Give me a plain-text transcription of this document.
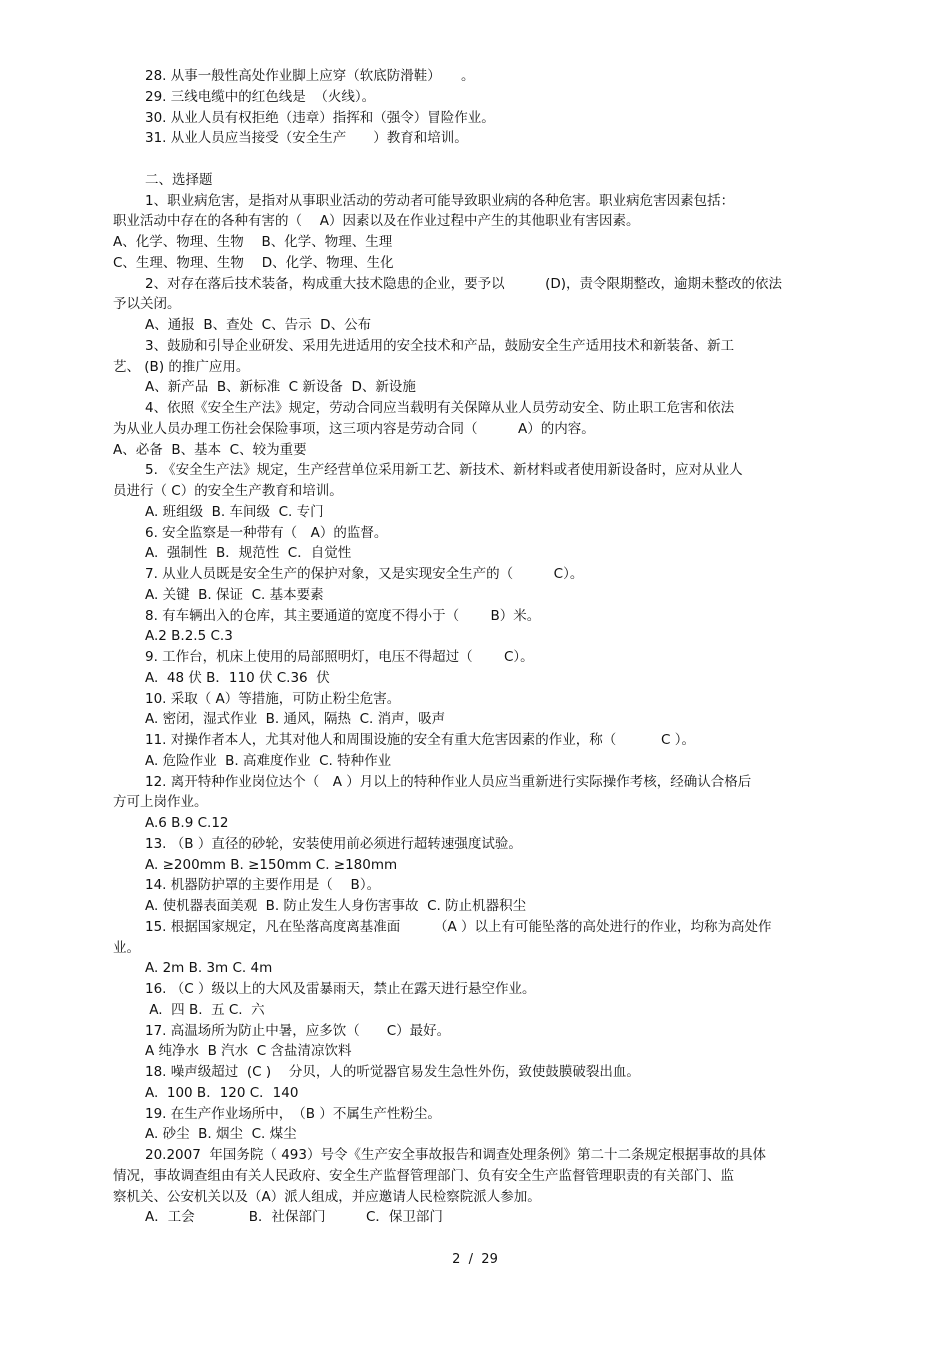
28. 从事一般性高处作业脚上应穿（软底防滑鞋）　　。
29. 三线电缆中的红色线是  （火线）。
30. 从业人员有权拒绝（违章）指挥和（强令）冒险作业。
31. 从业人员应当接受（安全生产　　）教育和培训。
二、选择题
1、职业病危害，是指对从事职业活动的劳动者可能导致职业病的各种危害。职业病危害因素包括：
职业活动中存在的各种有害的（　 A）因素以及在作业过程中产生的其他职业有害因素。
A、化学、物理、生物　 B、化学、物理、生理
C、生理、物理、生物　 D、化学、物理、生化
2、对存在落后技术装备，构成重大技术隐患的企业，要予以　　　(D)，责令限期整改，逾期未整改的依法
予以关闭。
A、通报  B、查处  C、告示  D、公布
3、鼓励和引导企业研发、采用先进适用的安全技术和产品，鼓励安全生产适用技术和新装备、新工
艺、 (B) 的推广应用。
A、新产品  B、新标准  C 新设备  D、新设施
4、依照《安全生产法》规定，劳动合同应当载明有关保障从业人员劳动安全、防止职工危害和依法
为从业人员办理工伤社会保险事项，这三项内容是劳动合同（　　　A）的内容。
A、必备  B、基本  C、较为重要
5. 《安全生产法》规定，生产经营单位采用新工艺、新技术、新材料或者使用新设备时，应对从业人
员进行（ C）的安全生产教育和培训。
A. 班组级  B. 车间级  C. 专门
6. 安全监察是一种带有（　A）的监督。
A.  强制性  B．规范性  C．自觉性
7. 从业人员既是安全生产的保护对象，又是实现安全生产的（　　　C）。
A. 关键  B. 保证  C. 基本要素
8. 有车辆出入的仓库，其主要通道的宽度不得小于（　　 B）米。
A.2 B.2.5 C.3
9. 工作台，机床上使用的局部照明灯，电压不得超过（　　 C）。
A.  48 伏 B．110 伏 C.36  伏
10. 采取（ A）等措施，可防止粉尘危害。
A. 密闭，湿式作业  B. 通风，隔热  C. 消声，吸声
11. 对操作者本人，尤其对他人和周围设施的安全有重大危害因素的作业，称（　　　 C ）。
A. 危险作业  B. 高难度作业  C. 特种作业
12. 离开特种作业岗位达个（　A ）月以上的特种作业人员应当重新进行实际操作考核，经确认合格后
方可上岗作业。
A.6 B.9 C.12
13. （B ）直径的砂轮，安装使用前必须进行超转速强度试验。
A. ≥200mm B. ≥150mm C. ≥180mm
14. 机器防护罩的主要作用是（　 B）。
A. 使机器表面美观  B. 防止发生人身伤害事故  C. 防止机器积尘
15. 根据国家规定，凡在坠落高度离基准面　　　（A ）以上有可能坠落的高处进行的作业，均称为高处作
业。
A. 2m B. 3m C. 4m
16. （C ）级以上的大风及雷暴雨天，禁止在露天进行悬空作业。
A.  四 B.  五 C.  六
17. 高温场所为防止中暑，应多饮（　　C）最好。
A 纯净水  B 汽水  C 含盐清凉饮料
18. 噪声级超过  (C )　 分贝，人的听觉器官易发生急性外伤，致使鼓膜破裂出血。
A.  100 B．120 C．140
19. 在生产作业场所中，　（B ）不属生产性粉尘。
A. 砂尘  B. 烟尘  C. 煤尘
20.2007  年国务院（ 493）号令《生产安全事故报告和调查处理条例》第二十二条规定根据事故的具体
情况，事故调查组由有关人民政府、安全生产监督管理部门、负有安全生产监督管理职责的有关部门、监
察机关、公安机关以及（A）派人组成，并应邀请人民检察院派人参加。
A．工会　　　　B．社保部门　　　C．保卫部门
2  /  29
